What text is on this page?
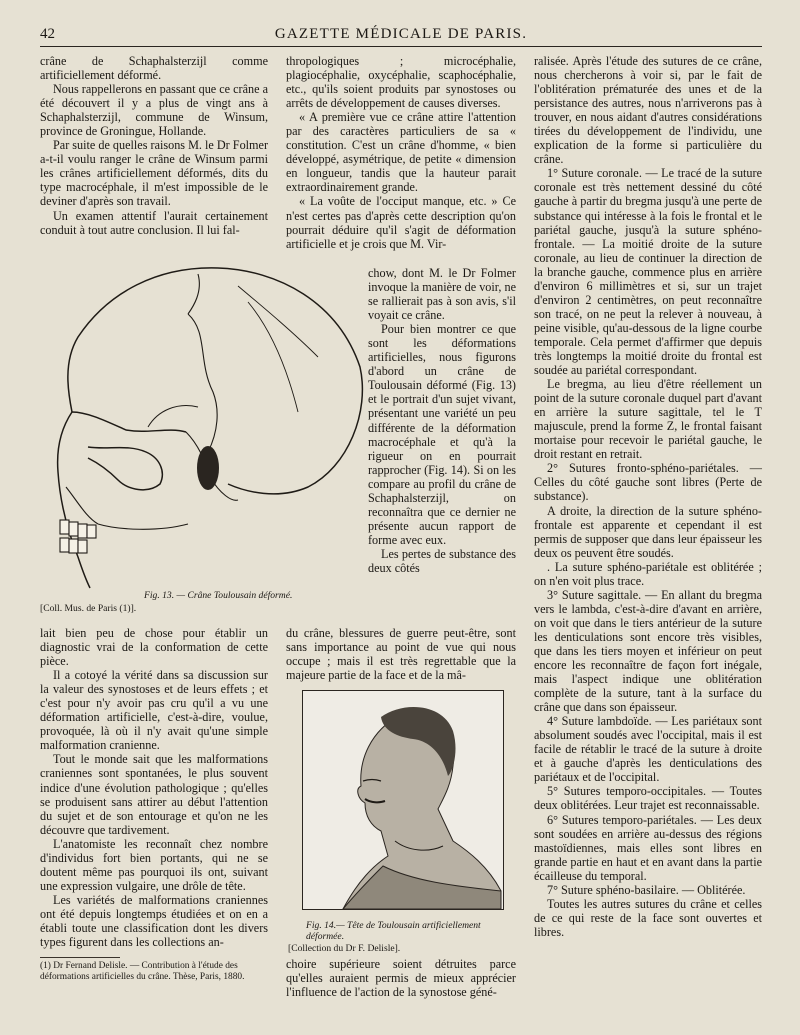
42	GAZETTE MÉDICALE DE PARIS.

crâne de Schaphalsterzijl comme artificiellement déformé.

Nous rappellerons en passant que ce crâne a été découvert il y a plus de vingt ans à Schaphalsterzijl, commune de Winsum, province de Groningue, Hollande.

Par suite de quelles raisons M. le Dr Folmer a-t-il voulu ranger le crâne de Winsum parmi les crânes artificiellement déformés, dits du type macrocéphale, il m'est impossible de le deviner d'après son travail.

Un examen attentif l'aurait certainement conduit à tout autre conclusion. Il lui fal-

thropologiques ; microcéphalie, plagiocéphalie, oxycéphalie, scaphocéphalie, etc., qu'ils soient produits par synostoses ou arrêts de développement de causes diverses.

« A première vue ce crâne attire l'attention par des caractères particuliers de sa « constitution. C'est un crâne d'homme, « bien développé, asymétrique, de petite « dimension en longueur, tandis que la hauteur parait extraordinairement grande.

« La voûte de l'occiput manque, etc. » Ce n'est certes pas d'après cette description qu'on pourrait déduire qu'il s'agit de déformation artificielle et je crois que M. Vir-

chow, dont M. le Dr Folmer invoque la manière de voir, ne se rallierait pas à son avis, s'il voyait ce crâne.

Pour bien montrer ce que sont les déformations artificielles, nous figurons d'abord un crâne de Toulousain déformé (Fig. 13) et le portrait d'un sujet vivant, présentant une variété un peu différente de la déformation macrocéphale et qu'à la rigueur on en pourrait rapprocher (Fig. 14). Si on les compare au profil du crâne de Schaphalsterzijl, on reconnaîtra que ce dernier ne présente aucun rapport de forme avec eux.

Les pertes de substance des deux côtés

Fig. 13. — Crâne Toulousain déformé.
[Coll. Mus. de Paris (1)].

du crâne, blessures de guerre peut-être, sont sans importance au point de vue qui nous occupe ; mais il est très regrettable que la majeure partie de la face et de la mâ-

lait bien peu de chose pour établir un diagnostic vrai de la conformation de cette pièce.

Il a cotoyé la vérité dans sa discussion sur la valeur des synostoses et de leurs effets ; et c'est pour n'y avoir pas cru qu'il a vu une déformation artificielle, c'est-à-dire, voulue, provoquée, là où il n'y avait qu'une simple malformation cranienne.

Tout le monde sait que les malformations craniennes sont spontanées, le plus souvent indice d'une évolution pathologique ; qu'elles se produisent sans attirer au début l'attention du sujet et de son entourage et qu'on ne les découvre que tardivement.

L'anatomiste les reconnaît chez nombre d'individus fort bien portants, qui ne se doutent même pas pourquoi ils ont, suivant une expression vulgaire, une drôle de tête.

Les variétés de malformations craniennes ont été depuis longtemps étudiées et on en a établi toute une classification dont les divers types figurent dans les collections an-

(1) Dr Fernand Delisle. — Contribution à l'étude des déformations artificielles du crâne. Thèse, Paris, 1880.
Fig. 14.— Tête de Toulousain artificiellement déformée.
[Collection du Dr F. Delisle].

choire supérieure soient détruites parce qu'elles auraient permis de mieux apprécier l'influence de l'action de la synostose géné-

ralisée. Après l'étude des sutures de ce crâne, nous chercherons à voir si, par le fait de l'oblitération prématurée des unes et de la persistance des autres, nous n'arriverons pas à trouver, en nous aidant d'autres considérations tirées du développement de l'individu, une explication de la forme si particulière du crâne.

1° Suture coronale. — Le tracé de la suture coronale est très nettement dessiné du côté gauche à partir du bregma jusqu'à une perte de substance qui intéresse à la fois le frontal et le pariétal gauche, jusqu'à la suture sphéno-frontale. — La moitié droite de la suture coronale, au lieu de continuer la direction de la branche gauche, commence plus en arrière d'environ 6 millimètres et si, sur un trajet d'environ 2 centimètres, on peut reconnaître son tracé, on ne peut la relever à nouveau, à peine visible, qu'au-dessous de la ligne courbe temporale. Cela permet d'affirmer que depuis très longtemps la moitié droite du frontal est soudée au pariétal correspondant.

Le bregma, au lieu d'être réellement un point de la suture coronale duquel part d'avant en arrière la suture sagittale, tel le T majuscule, prend la forme Z, le frontal faisant mortaise pour recevoir le pariétal gauche, le droit restant en retrait.

2° Sutures fronto-sphéno-pariétales. — Celles du côté gauche sont libres (Perte de substance).

A droite, la direction de la suture sphéno-frontale est apparente et cependant il est permis de supposer que dans leur épaisseur les deux os peuvent être soudés.

. La suture sphéno-pariétale est oblitérée ; on n'en voit plus trace.

3° Suture sagittale. — En allant du bregma vers le lambda, c'est-à-dire d'avant en arrière, on voit que dans le tiers antérieur de la suture les denticulations sont encore très visibles, que dans les tiers moyen et inférieur on peut encore les reconnaître de façon fort inégale, mais l'aspect indique une oblitération complète de la suture, tant à la surface du crâne que dans son épaisseur.

4° Suture lambdoïde. — Les pariétaux sont absolument soudés avec l'occipital, mais il est facile de rétablir le tracé de la suture à droite et à gauche d'après les denticulations des pariétaux et de l'occipital.

5° Sutures temporo-occipitales. — Toutes deux oblitérées. Leur trajet est reconnaissable.

6° Sutures temporo-pariétales. — Les deux sont soudées en arrière au-dessus des régions mastoïdiennes, mais elles sont libres en grande partie en haut et en avant dans la partie écailleuse du temporal.

7° Suture sphéno-basilaire. — Oblitérée.

Toutes les autres sutures du crâne et celles de ce qui reste de la face sont ouvertes et libres.
